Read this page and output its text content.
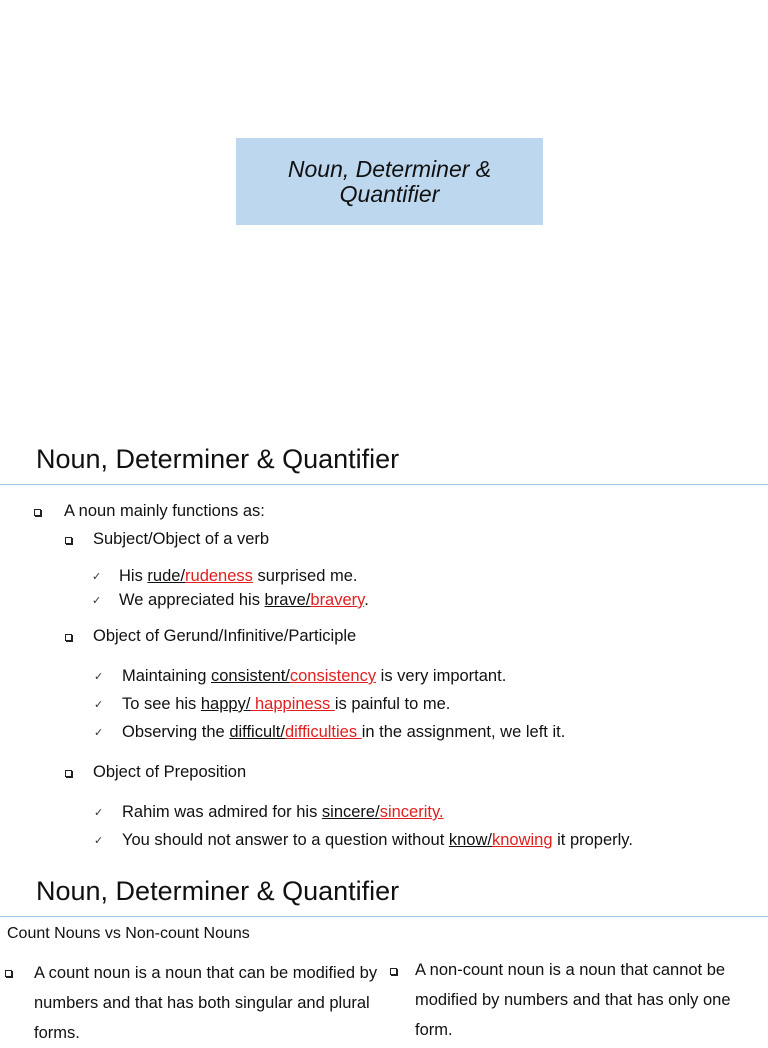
Noun, Determiner &
Quantifier
Noun, Determiner & Quantifier
A noun mainly functions as:
Subject/Object of a verb
✓ His rude/rudeness surprised me.
✓ We appreciated his brave/bravery.
Object of Gerund/Infinitive/Participle
✓ Maintaining consistent/consistency is very important.
✓ To see his happy/ happiness is painful to me.
✓ Observing the difficult/difficulties in the assignment, we left it.
Object of Preposition
✓ Rahim was admired for his sincere/sincerity.
✓ You should not answer to a question without know/knowing it properly.
Noun, Determiner & Quantifier
Count Nouns vs Non-count Nouns
A count noun is a noun that can be modified by numbers and that has both singular and plural forms.
A non-count noun is a noun that cannot be modified by numbers and that has only one form.
